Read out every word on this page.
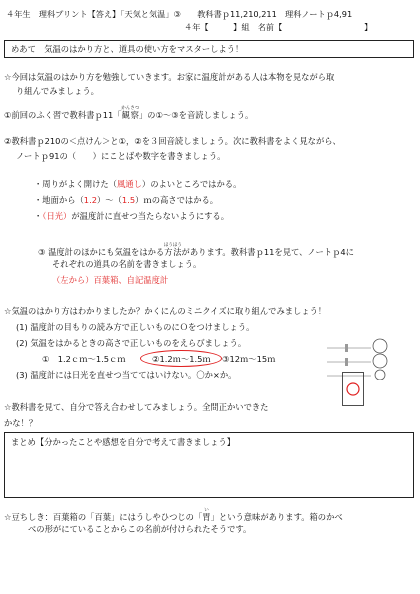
４年生　理科プリント【答え】「天気と気温」③　　教科書ｐ11,210,211　理科ノートｐ4,91
４年【　　　】組　名前【　　　　　　　　　　】
めあて　気温のはかり方と、道具の使い方をマスターしよう！
☆今回は気温のはかり方を勉強していきます。お家に温度計がある人は本物を見ながら取
り組んでみましょう。
①前回のふく習で教科書ｐ11「観察かんさつ」の①～③を音読しましょう。
②教科書ｐ210の＜点けん＞と①，②を３回音読しましょう。次に教科書をよく見ながら、
ノートｐ91の（　　）にことばや数字を書きましょう。
・周りがよく開けた（風通し）のよいところではかる。
・地面から（1.2）～（1.5）ｍの高さではかる。
・（日光）が温度計に直せつ当たらないようにする。
③ 温度計のほかにも気温をはかる方法ほうほうがあります。教科書ｐ11を見て、ノートｐ4に
それぞれの道具の名前を書きましょう。
（左から）百葉箱、自記温度計
☆気温のはかり方はわかりましたか？かくにんのミニクイズに取り組んでみましょう！
(1) 温度計の目もりの読み方で正しいものにＯをつけましょう。
(2) 気温をはかるときの高さで正しいものをえらびましょう。
①　1.2ｃｍ～1.5ｃｍ	②1.2ｍ～1.5ｍ ③12ｍ～15ｍ
(3) 温度計には日光を直せつ当ててはいけない。〇か×か。
☆教科書を見て、自分で答え合わせしてみましょう。全問正かいできた
かな！？
まとめ【分かったことや感想を自分で考えて書きましょう】
☆豆ちしき：百葉箱の「百葉」にはうしやひつじの「胃い」という意味があります。箱のかべ
べの形がにていることからこの名前が付けられたそうです。
